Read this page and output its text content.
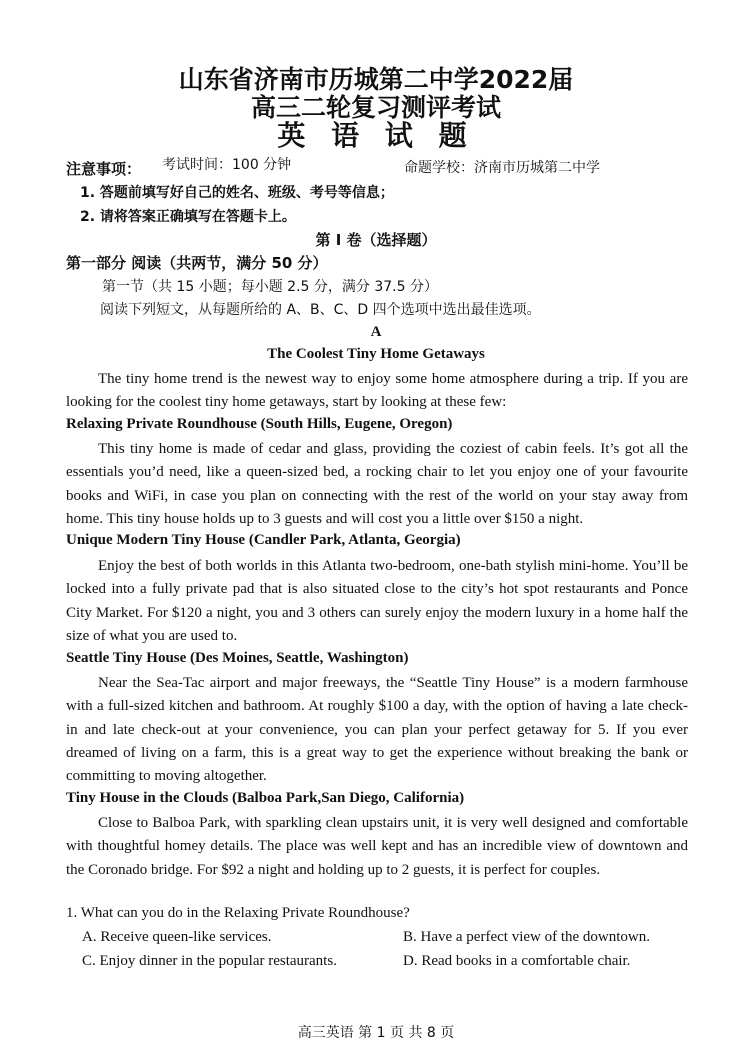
山东省济南市历城第二中学2022届
高三二轮复习测评考试
英 语 试 题
注意事项： 考试时间：100 分钟	命题学校：济南市历城第二中学
1. 答题前填写好自己的姓名、班级、考号等信息；
2. 请将答案正确填写在答题卡上。
第 I 卷（选择题）
第一部分 阅读（共两节，满分 50 分）
第一节（共 15 小题；每小题 2.5 分，满分 37.5 分）
阅读下列短文，从每题所给的 A、B、C、D 四个选项中选出最佳选项。
A
The Coolest Tiny Home Getaways

The tiny home trend is the newest way to enjoy some home atmosphere during a trip. If you are looking for the coolest tiny home getaways, start by looking at these few:

Relaxing Private Roundhouse (South Hills, Eugene, Oregon)

This tiny home is made of cedar and glass, providing the coziest of cabin feels. It’s got all the essentials you’d need, like a queen-sized bed, a rocking chair to let you enjoy one of your favourite books and WiFi, in case you plan on connecting with the rest of the world on your stay away from home. This tiny house holds up to 3 guests and will cost you a little over $150 a night.

Unique Modern Tiny House (Candler Park, Atlanta, Georgia)

Enjoy the best of both worlds in this Atlanta two-bedroom, one-bath stylish mini-home. You’ll be locked into a fully private pad that is also situated close to the city’s hot spot restaurants and Ponce City Market. For $120 a night, you and 3 others can surely enjoy the modern luxury in a home half the size of what you are used to.

Seattle Tiny House (Des Moines, Seattle, Washington)

Near the Sea-Tac airport and major freeways, the “Seattle Tiny House” is a modern farmhouse with a full-sized kitchen and bathroom. At roughly $100 a day, with the option of having a late check-in and late check-out at your convenience, you can plan your perfect getaway for 5. If you ever dreamed of living on a farm, this is a great way to get the experience without breaking the bank or committing to moving altogether.

Tiny House in the Clouds (Balboa Park,San Diego, California)

Close to Balboa Park, with sparkling clean upstairs unit, it is very well designed and comfortable with thoughtful homey details. The place was well kept and has an incredible view of downtown and the Coronado bridge. For $92 a night and holding up to 2 guests, it is perfect for couples.

1. What can you do in the Relaxing Private Roundhouse?
A. Receive queen-like services.	B. Have a perfect view of the downtown.
C. Enjoy dinner in the popular restaurants.	D. Read books in a comfortable chair.
高三英语 第 1 页 共 8 页
